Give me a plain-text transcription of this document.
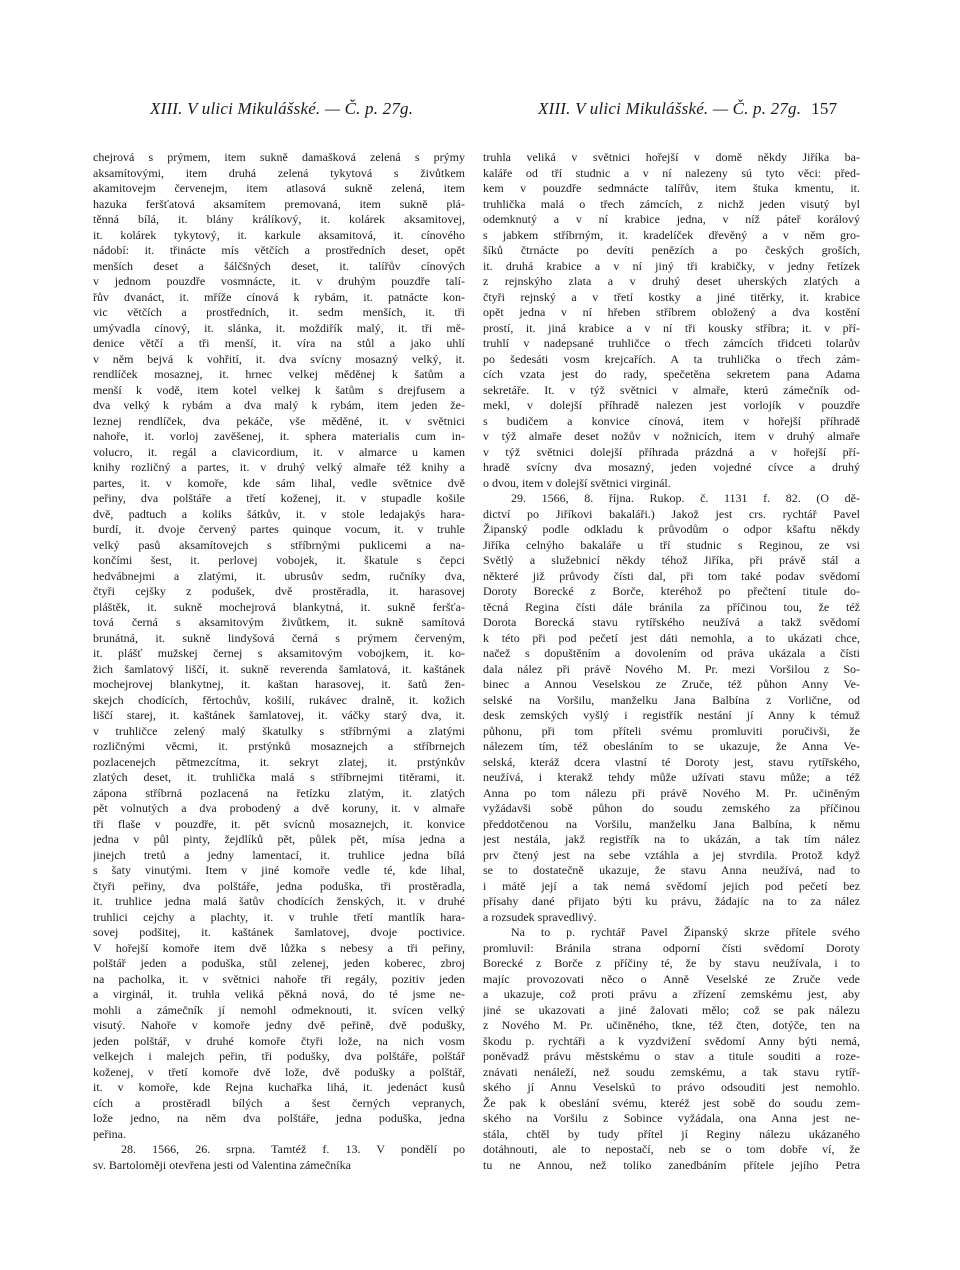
XIII. V ulici Mikulášské. — Č. p. 27g.	XIII. V ulici Mikulášské. — Č. p. 27g. 157
chejrová s prýmem, item sukně damašková zelená s prýmy
aksamítovými, item druhá zelená tykytová s živůtkem
akamitovejm červenejm, item atlasová sukně zelená, item
hazuka feršťatová aksamítem premovaná, item sukně plá-
těnná bílá, it. blány králíkový, it. kolárek aksamitovej,
it. kolárek tykytový, it. karkule aksamitová, it. cínového
nádobí: it. třinácte mís větčích a prostředních deset, opět
menších deset a šálčšných deset, it. talířův cínových
v jednom pouzdře vosmnácte, it. v druhým pouzdře talí-
řův dvanáct, it. mříže cínová k rybám, it. patnácte kon-
vic větčích a prostředních, it. sedm menších, it. tři
umývadla cínový, it. slánka, it. moždiřík malý, it. tři mě-
denice větčí a tři menší, it. víra na stůl a jako uhlí
v něm bejvá k vohřití, it. dva svícny mosazný velký, it.
rendlíček mosaznej, it. hrnec velkej měděnej k šatům a
menší k vodě, item kotel velkej k šatům s drejfusem a
dva velký k rybám a dva malý k rybám, item jeden že-
leznej rendlíček, dva pekáče, vše měděné, it. v světnici
nahoře, it. vorloj zavěšenej, it. sphera materialis cum in-
volucro, it. regál a clavicordium, it. v almarce u kamen
knihy rozličný a partes, it. v druhý velký almaře též knihy a
partes, it. v komoře, kde sám lihal, vedle světnice dvě
peřiny, dva polštáře a třetí koženej, it. v stupadle košile
dvě, padtuch a koliks šátkův, it. v stole ledajakýs hara-
burdí, it. dvoje červený partes quinque vocum, it. v truhle
velký pasů aksamítovejch s stříbrnými puklicemi a na-
končími šest, it. perlovej vobojek, it. škatule s čepci
hedvábnejmi a zlatými, it. ubrusův sedm, ručníky dva,
čtyři cejšky z podušek, dvě prostěradla, it. harasovej
pláštěk, it. sukně mochejrová blankytná, it. sukně feršťa-
tová černá s aksamitovým živůtkem, it. sukně samítová
brunátná, it. sukně lindyšová černá s prýmem červeným,
it. plášť mužskej černej s aksamitovým vobojkem, it. ko-
žich šamlatový liščí, it. sukně reverenda šamlatová, it. kaštánek
mochejrovej blankytnej, it. kaštan harasovej, it. šatů žen-
skejch chodících, fěrtochův, košilí, rukávec dralně, it. kožich
liščí starej, it. kaštánek šamlatovej, it. váčky starý dva, it.
v truhličce zelený malý škatulky s stříbrnými a zlatými
rozličnými věcmi, it. prstýnků mosaznejch a stříbrnejch
pozlacenejch pětmezcítma, it. sekryt zlatej, it. prstýnkův
zlatých deset, it. truhlička malá s stříbrnejmi titěrami, it.
zápona stříbrná pozlacená na řetízku zlatým, it. zlatých
pět volnutých a dva probodený a dvě koruny, it. v almaře
tři flaše v pouzdře, it. pět svícnů mosaznejch, it. konvice
jedna v půl pinty, žejdlíků pět, půlek pět, mísa jedna a
jinejch tretů a jedny lamentací, it. truhlice jedna bílá
s šaty vinutými. Item v jiné komoře vedle té, kde lihal,
čtyři peřiny, dva polštáře, jedna poduška, tři prostěradla,
it. truhlice jedna malá šatův chodících ženských, it. v druhé
truhlici cejchy a plachty, it. v truhle třetí mantlík hara-
sovej podšitej, it. kaštánek šamlatovej, dvoje poctivice.
V hořejší komoře item dvě lůžka s nebesy a tři peřiny,
polštář jeden a poduška, stůl zelenej, jeden koberec, zbroj
na pacholka, it. v světnici nahoře tři regály, pozitiv jeden
a virginál, it. truhla veliká pěkná nová, do té jsme ne-
mohli a zámečník jí nemohl odmeknouti, it. svícen velký
visutý. Nahoře v komoře jedny dvě peřině, dvě podušky,
jeden polštář, v druhé komoře čtyři lože, na nich vosm
velkejch i malejch peřin, tři podušky, dva polštáře, polštář
koženej, v třetí komoře dvě lože, dvě podušky a polštář,
it. v komoře, kde Rejna kuchařka lihá, it. jedenáct kusů
cích a prostěradl bílých a šest černých vepranych,
lože jedno, na něm dva polštáře, jedna poduška, jedna
peřina.
28. 1566, 26. srpna. Tamtéž f. 13. V pondělí po
sv. Bartoloměji otevřena jesti od Valentina zámečníka
truhla veliká v světnici hořejší v domě někdy Jiříka ba-
kaláře od tří studnic a v ní nalezeny sú tyto věci: před-
kem v pouzdře sedmnácte talířův, item štuka kmentu, it.
truhlička malá o třech zámcích, z nichž jeden visutý byl
odemknutý a v ní krabice jedna, v níž páteř korálový
s jabkem stříbrným, it. kradelíček dřevěný a v něm gro-
šíků čtrnácte po devíti penězích a po českých groších,
it. druhá krabice a v ní jiný tři krabičky, v jedny řetízek
z rejnskýho zlata a v druhý deset uherských zlatých a
čtyři rejnský a v třetí kostky a jiné titěrky, it. krabice
opět jedna v ní hřeben stříbrem obložený a dva kostění
prostí, it. jiná krabice a v ní tři kousky stříbra; it. v pří-
truhlí v nadepsané truhličce o třech zámcích třidceti tolarův
po šedesáti vosm krejcařích. A ta truhlička o třech zám-
cích vzata jest do rady, spečetěna sekretem pana Adama
sekretáře. It. v týž světnici v almaře, kterú zámečník od-
mekl, v dolejší příhradě nalezen jest vorlojík v pouzdře
s budičem a konvice cínová, item v hořejší příhradě
v týž almaře deset nožův v nožnicích, item v druhý almaře
v týž světnici dolejší příhrada prázdná a v hořejší pří-
hradě svícny dva mosazný, jeden vojedné cívce a druhý
o dvou, item v dolejší světnici virginál.
29. 1566, 8. října. Rukop. č. 1131 f. 82. (O dě-
dictví po Jiříkovi bakaláři.) Jakož jest crs. rychtář Pavel
Žipanský podle odkladu k průvodům o odpor kšaftu někdy
Jiříka celnýho bakaláře u tří studnic s Reginou, ze vsi
Světlý a služebnicí někdy téhož Jiříka, při právě stál a
některé již průvody čísti dal, při tom také podav svědomí
Doroty Borecké z Borče, kteréhož po přečtení titule do-
těcná Regina čísti dále bránila za příčinou tou, že též
Dorota Borecká stavu rytířského neužívá a takž svědomí
k této při pod pečetí jest dáti nemohla, a to ukázati chce,
načež s dopuštěním a dovolením od práva ukázala a čísti
dala nález při právě Nového M. Pr. mezi Voršilou z So-
binec a Annou Veselskou ze Zruče, též půhon Anny Ve-
selské na Voršilu, manželku Jana Balbína z Vorlične, od
desk zemských vyšlý i registřík nestání jí Anny k témuž
půhonu, při tom příteli svému promluviti poručivši, že
nálezem tím, též obesláním to se ukazuje, že Anna Ve-
selská, kteráž dcera vlastní té Doroty jest, stavu rytířského,
neužívá, i kterakž tehdy může užívati stavu může; a též
Anna po tom nálezu při právě Nového M. Pr. učiněným
vyžádavši sobě půhon do soudu zemského za příčinou
předdotčenou na Voršilu, manželku Jana Balbína, k němu
jest nestála, jakž registřík na to ukázán, a tak tím nález
prv čtený jest na sebe vztáhla a jej stvrdila. Protož když
se to dostatečně ukazuje, že stavu Anna neužívá, nad to
i mátě její a tak nemá svědomí jejich pod pečetí bez
přísahy dané přijato býti ku právu, žádajíc na to za nález
a rozsudek spravedlivý.
Na to p. rychtář Pavel Žipanský skrze přítele svého
promluvil: Bránila strana odporní čísti svědomí Doroty
Borecké z Borče z příčiny té, že by stavu neužívala, i to
majíc provozovati něco o Anně Veselské ze Zruče vede
a ukazuje, což proti právu a zřízení zemskému jest, aby
jiné se ukazovati a jiné žalovati mělo; což se pak nálezu
z Nového M. Pr. učiněného, tkne, též čten, dotýče, ten na
škodu p. rychtáři a k vyzdvižení svědomí Anny býti nemá,
poněvadž právu městskému o stav a titule souditi a roze-
znávati nenáleží, než soudu zemskému, a tak stavu rytíř-
ského jí Annu Veselskú to právo odsouditi jest nemohlo.
Že pak k obeslání svému, kteréž jest sobě do soudu zem-
ského na Voršilu z Sobince vyžádala, ona Anna jest ne-
stála, chtěl by tudy přítel jí Reginy nálezu ukázaného
dotáhnouti, ale to nepostačí, neb se o tom dobře ví, že
tu ne Annou, než toliko zanedbáním přítele jejího Petra
